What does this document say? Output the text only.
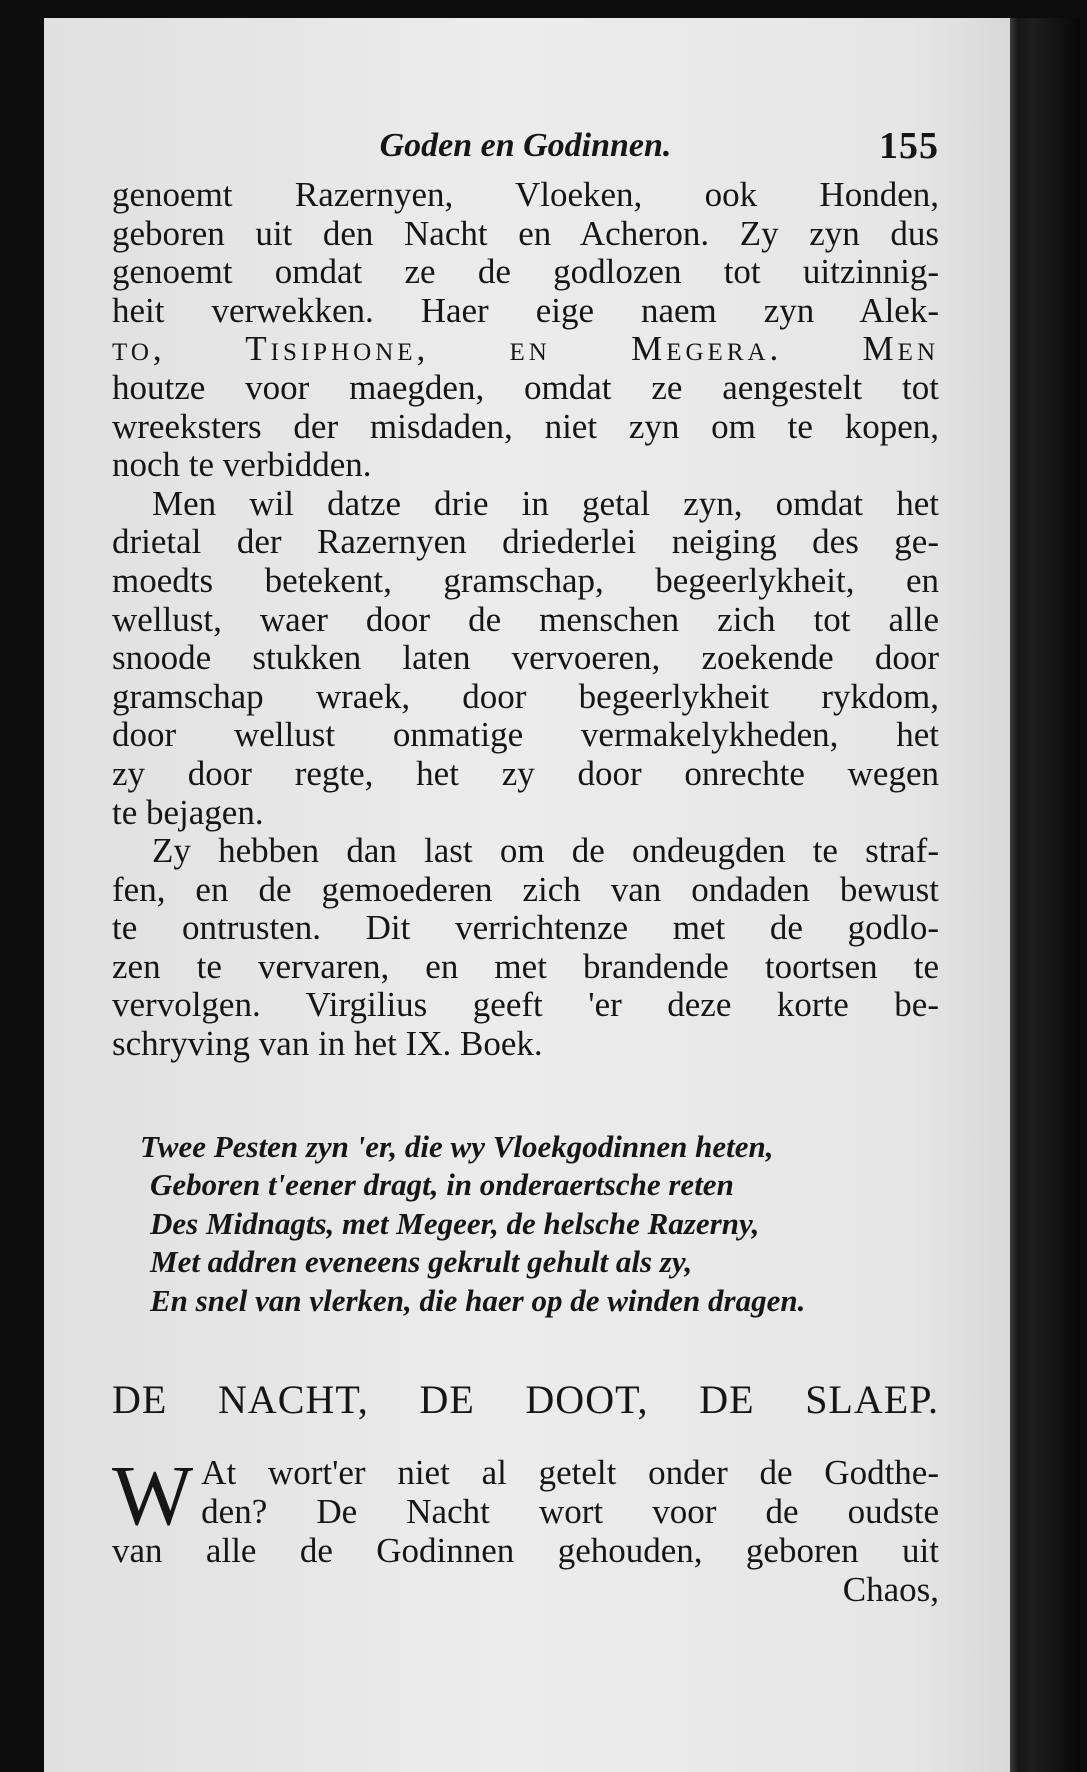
Goden en Godinnen.	155
genoemt Razernyen, Vloeken, ook Honden,
geboren uit den Nacht en Acheron. Zy zyn dus
genoemt omdat ze de godlozen tot uitzinnig-
heit verwekken. Haer eige naem zyn Alek-
to, Tisiphone, en Megera. Men
houtze voor maegden, omdat ze aengestelt tot
wreeksters der misdaden, niet zyn om te kopen,
noch te verbidden.
Men wil datze drie in getal zyn, omdat het
drietal der Razernyen driederlei neiging des ge-
moedts betekent, gramschap, begeerlykheit, en
wellust, waer door de menschen zich tot alle
snoode stukken laten vervoeren, zoekende door
gramschap wraek, door begeerlykheit rykdom,
door wellust onmatige vermakelykheden, het
zy door regte, het zy door onrechte wegen
te bejagen.
Zy hebben dan last om de ondeugden te straf-
fen, en de gemoederen zich van ondaden bewust
te ontrusten. Dit verrichtenze met de godlo-
zen te vervaren, en met brandende toortsen te
vervolgen. Virgilius geeft 'er deze korte be-
schryving van in het IX. Boek.
Twee Pesten zyn 'er, die wy Vloekgodinnen heten,
Geboren t'eener dragt, in onderaertsche reten
Des Midnagts, met Megeer, de helsche Razerny,
Met addren eveneens gekrult gehult als zy,
En snel van vlerken, die haer op de winden dragen.
DE NACHT, DE DOOT, DE SLAEP.
W At wort'er niet al getelt onder de Godthe-
den? De Nacht wort voor de oudste
van alle de Godinnen gehouden, geboren uit
Chaos,
